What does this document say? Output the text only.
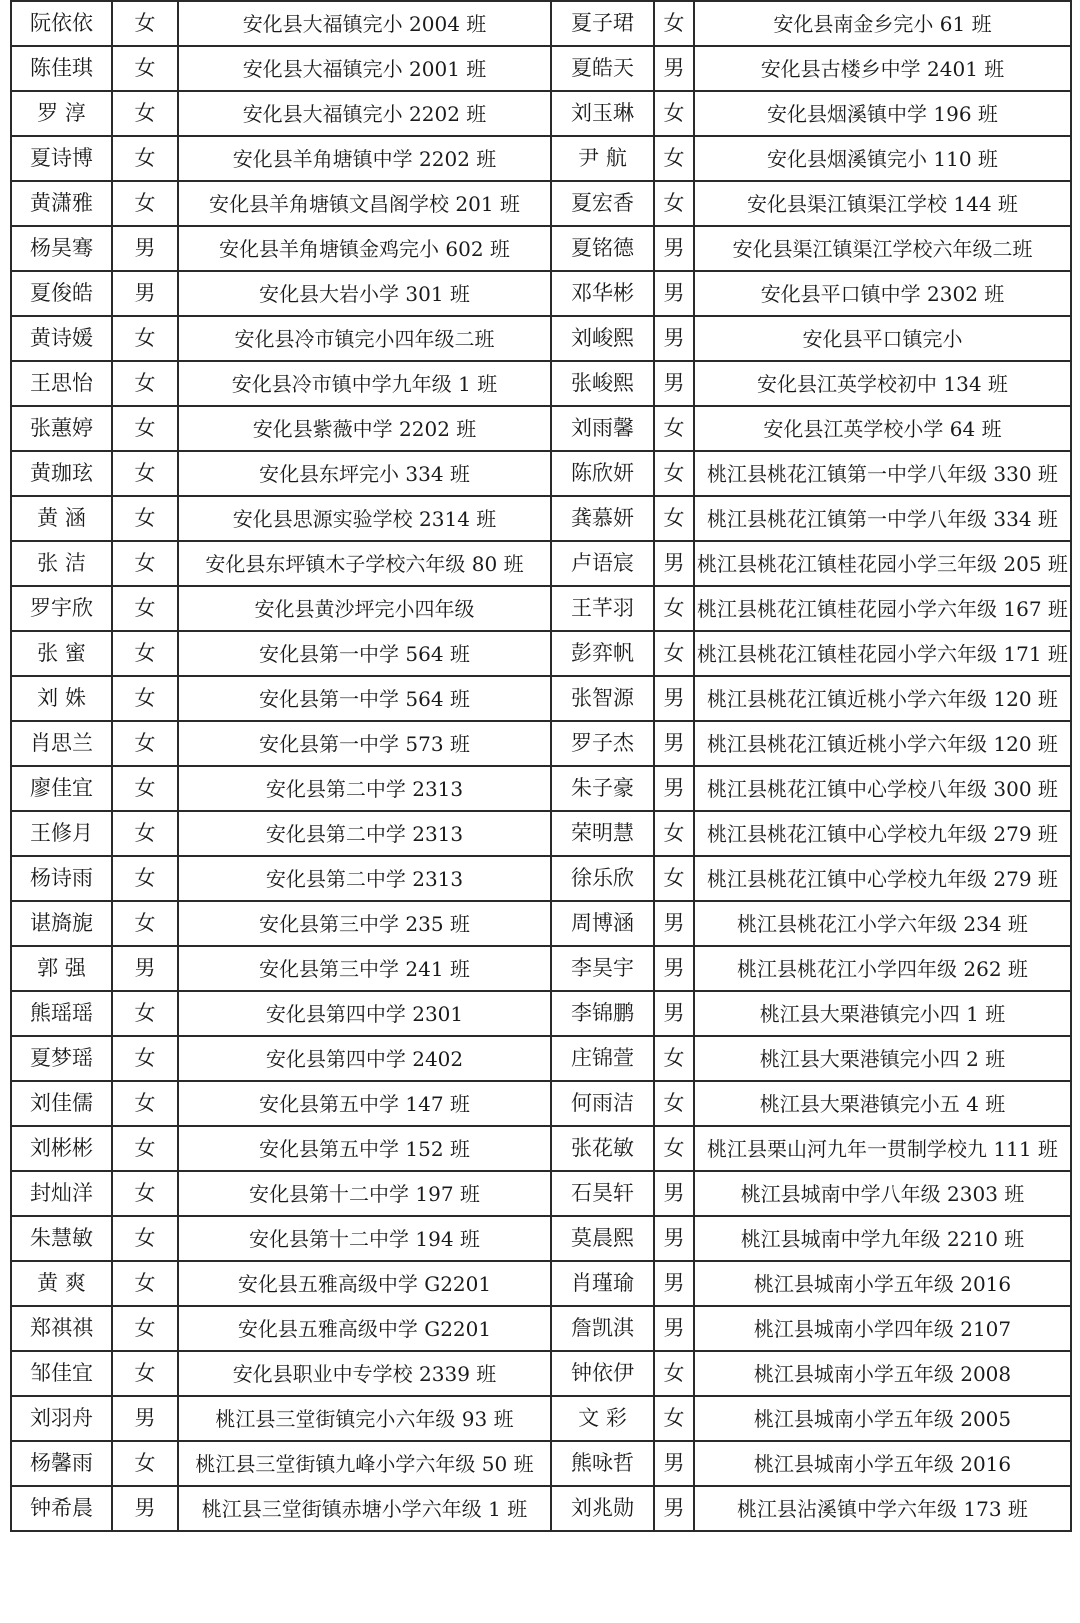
阮依依	女	安化县大福镇完小 2004 班	夏子珺	女	安化县南金乡完小 61 班
陈佳琪	女	安化县大福镇完小 2001 班	夏皓天	男	安化县古楼乡中学 2401 班
罗 淳	女	安化县大福镇完小 2202 班	刘玉琳	女	安化县烟溪镇中学 196 班
夏诗博	女	安化县羊角塘镇中学 2202 班	尹 航	女	安化县烟溪镇完小 110 班
黄潇雅	女	安化县羊角塘镇文昌阁学校 201 班	夏宏香	女	安化县渠江镇渠江学校 144 班
杨昊骞	男	安化县羊角塘镇金鸡完小 602 班	夏铭德	男	安化县渠江镇渠江学校六年级二班
夏俊皓	男	安化县大岩小学 301 班	邓华彬	男	安化县平口镇中学 2302 班
黄诗媛	女	安化县冷市镇完小四年级二班	刘峻熙	男	安化县平口镇完小
王思怡	女	安化县冷市镇中学九年级 1 班	张峻熙	男	安化县江英学校初中 134 班
张蕙婷	女	安化县紫薇中学 2202 班	刘雨馨	女	安化县江英学校小学 64 班
黄珈玹	女	安化县东坪完小 334 班	陈欣妍	女	桃江县桃花江镇第一中学八年级 330 班
黄 涵	女	安化县思源实验学校 2314 班	龚慕妍	女	桃江县桃花江镇第一中学八年级 334 班
张 洁	女	安化县东坪镇木子学校六年级 80 班	卢语宸	男	桃江县桃花江镇桂花园小学三年级 205 班
罗宇欣	女	安化县黄沙坪完小四年级	王芊羽	女	桃江县桃花江镇桂花园小学六年级 167 班
张 蜜	女	安化县第一中学 564 班	彭弈帆	女	桃江县桃花江镇桂花园小学六年级 171 班
刘 姝	女	安化县第一中学 564 班	张智源	男	桃江县桃花江镇近桃小学六年级 120 班
肖思兰	女	安化县第一中学 573 班	罗子杰	男	桃江县桃花江镇近桃小学六年级 120 班
廖佳宜	女	安化县第二中学 2313	朱子豪	男	桃江县桃花江镇中心学校八年级 300 班
王修月	女	安化县第二中学 2313	荣明慧	女	桃江县桃花江镇中心学校九年级 279 班
杨诗雨	女	安化县第二中学 2313	徐乐欣	女	桃江县桃花江镇中心学校九年级 279 班
谌旖旎	女	安化县第三中学 235 班	周博涵	男	桃江县桃花江小学六年级 234 班
郭 强	男	安化县第三中学 241 班	李昊宇	男	桃江县桃花江小学四年级 262 班
熊瑶瑶	女	安化县第四中学 2301	李锦鹏	男	桃江县大栗港镇完小四 1 班
夏梦瑶	女	安化县第四中学 2402	庄锦萱	女	桃江县大栗港镇完小四 2 班
刘佳儒	女	安化县第五中学 147 班	何雨洁	女	桃江县大栗港镇完小五 4 班
刘彬彬	女	安化县第五中学 152 班	张花敏	女	桃江县栗山河九年一贯制学校九 111 班
封灿洋	女	安化县第十二中学 197 班	石昊轩	男	桃江县城南中学八年级 2303 班
朱慧敏	女	安化县第十二中学 194 班	莫晨熙	男	桃江县城南中学九年级 2210 班
黄 爽	女	安化县五雅高级中学 G2201	肖瑾瑜	男	桃江县城南小学五年级 2016
郑祺祺	女	安化县五雅高级中学 G2201	詹凯淇	男	桃江县城南小学四年级 2107
邹佳宜	女	安化县职业中专学校 2339 班	钟依伊	女	桃江县城南小学五年级 2008
刘羽舟	男	桃江县三堂街镇完小六年级 93 班	文 彩	女	桃江县城南小学五年级 2005
杨馨雨	女	桃江县三堂街镇九峰小学六年级 50 班	熊咏哲	男	桃江县城南小学五年级 2016
钟希晨	男	桃江县三堂街镇赤塘小学六年级 1 班	刘兆勋	男	桃江县沾溪镇中学六年级 173 班
